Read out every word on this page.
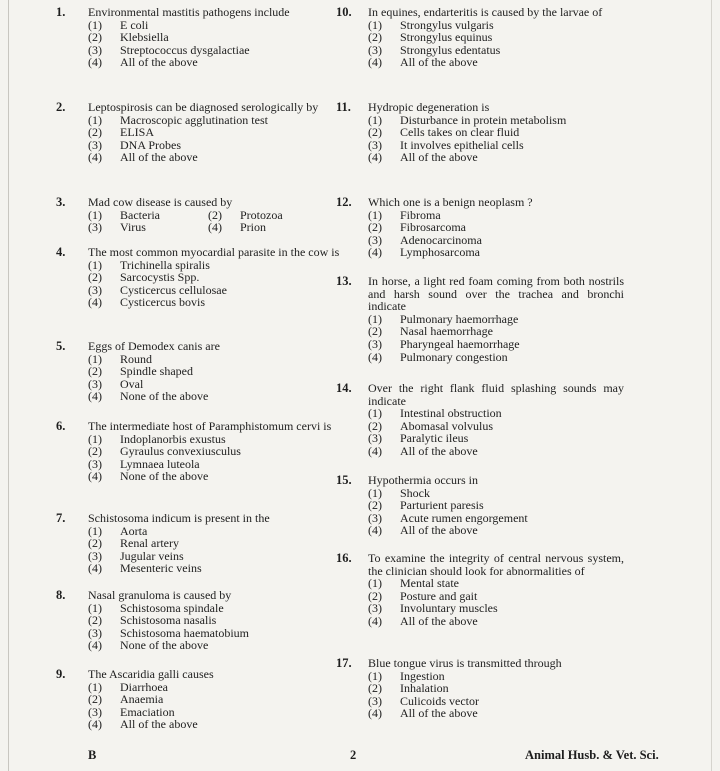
1. Environmental mastitis pathogens include
(1)	E coli
(2)	Klebsiella
(3)	Streptococcus dysgalactiae
(4)	All of the above
2. Leptospirosis can be diagnosed serologically by
(1)	Macroscopic agglutination test
(2)	ELISA
(3)	DNA Probes
(4)	All of the above
3. Mad cow disease is caused by
(1)	Bacteria	(2)	Protozoa
(3)	Virus	(4)	Prion
4. The most common myocardial parasite in the cow is
(1)	Trichinella spiralis
(2)	Sarcocystis Spp.
(3)	Cysticercus cellulosae
(4)	Cysticercus bovis
5. Eggs of Demodex canis are
(1)	Round
(2)	Spindle shaped
(3)	Oval
(4)	None of the above
6. The intermediate host of Paramphistomum cervi is
(1)	Indoplanorbis exustus
(2)	Gyraulus convexiusculus
(3)	Lymnaea luteola
(4)	None of the above
7. Schistosoma indicum is present in the
(1)	Aorta
(2)	Renal artery
(3)	Jugular veins
(4)	Mesenteric veins
8. Nasal granuloma is caused by
(1)	Schistosoma spindale
(2)	Schistosoma nasalis
(3)	Schistosoma haematobium
(4)	None of the above
9. The Ascaridia galli causes
(1)	Diarrhoea
(2)	Anaemia
(3)	Emaciation
(4)	All of the above
10. In equines, endarteritis is caused by the larvae of
(1)	Strongylus vulgaris
(2)	Strongylus equinus
(3)	Strongylus edentatus
(4)	All of the above
11. Hydropic degeneration is
(1)	Disturbance in protein metabolism
(2)	Cells takes on clear fluid
(3)	It involves epithelial cells
(4)	All of the above
12. Which one is a benign neoplasm ?
(1)	Fibroma
(2)	Fibrosarcoma
(3)	Adenocarcinoma
(4)	Lymphosarcoma
13. In horse, a light red foam coming from both nostrils and harsh sound over the trachea and bronchi indicate
(1)	Pulmonary haemorrhage
(2)	Nasal haemorrhage
(3)	Pharyngeal haemorrhage
(4)	Pulmonary congestion
14. Over the right flank fluid splashing sounds may indicate
(1)	Intestinal obstruction
(2)	Abomasal volvulus
(3)	Paralytic ileus
(4)	All of the above
15. Hypothermia occurs in
(1)	Shock
(2)	Parturient paresis
(3)	Acute rumen engorgement
(4)	All of the above
16. To examine the integrity of central nervous system, the clinician should look for abnormalities of
(1)	Mental state
(2)	Posture and gait
(3)	Involuntary muscles
(4)	All of the above
17. Blue tongue virus is transmitted through
(1)	Ingestion
(2)	Inhalation
(3)	Culicoids vector
(4)	All of the above
B	2	Animal Husb. & Vet. Sci.
